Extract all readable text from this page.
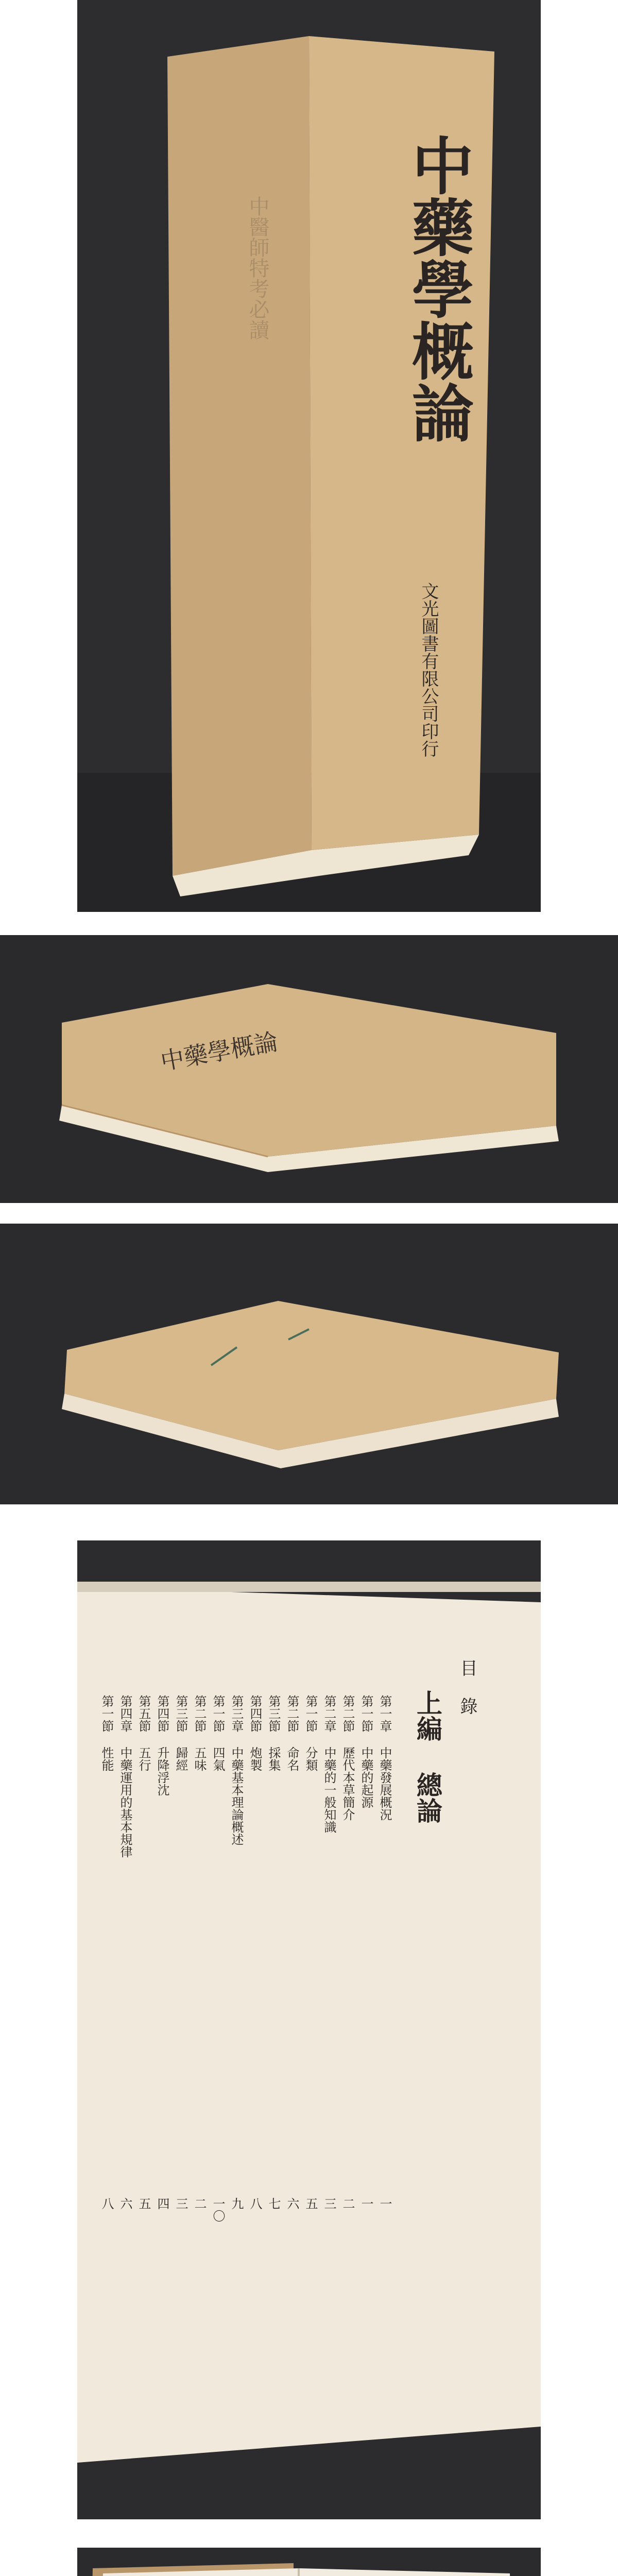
中藥學概論
文光圖書有限公司印行
中醫師特考必讀
中藥學概論
目 錄
上編 總論
第一章 中藥發展概況
一
第一節 中藥的起源
一
第二節 歷代本草簡介
二
第二章 中藥的一般知識
三
第一節 分類
五
第二節 命名
六
第三節 採集
七
第四節 炮製
八
第三章 中藥基本理論概述
九
第一節 四氣
一〇
第二節 五味
二
第三節 歸經
三
第四節 升降浮沈
四
第五節 五行
五
第四章 中藥運用的基本規律
六
第一節 性能
八
